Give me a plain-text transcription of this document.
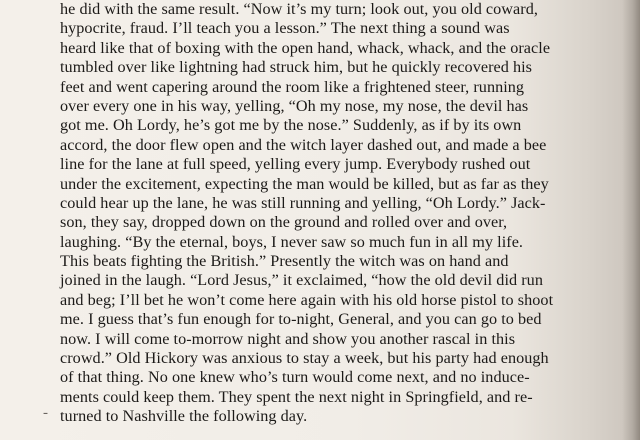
he did with the same result. “Now it’s my turn; look out, you old coward,
hypocrite, fraud. I’ll teach you a lesson.” The next thing a sound was
heard like that of boxing with the open hand, whack, whack, and the oracle
tumbled over like lightning had struck him, but he quickly recovered his
feet and went capering around the room like a frightened steer, running
over every one in his way, yelling, “Oh my nose, my nose, the devil has
got me. Oh Lordy, he’s got me by the nose.” Suddenly, as if by its own
accord, the door flew open and the witch layer dashed out, and made a bee
line for the lane at full speed, yelling every jump. Everybody rushed out
under the excitement, expecting the man would be killed, but as far as they
could hear up the lane, he was still running and yelling, “Oh Lordy.” Jack-
son, they say, dropped down on the ground and rolled over and over,
laughing. “By the eternal, boys, I never saw so much fun in all my life.
This beats fighting the British.” Presently the witch was on hand and
joined in the laugh. “Lord Jesus,” it exclaimed, “how the old devil did run
and beg; I’ll bet he won’t come here again with his old horse pistol to shoot
me. I guess that’s fun enough for to-night, General, and you can go to bed
now. I will come to-morrow night and show you another rascal in this
crowd.” Old Hickory was anxious to stay a week, but his party had enough
of that thing. No one knew who’s turn would come next, and no induce-
ments could keep them. They spent the next night in Springfield, and re-
turned to Nashville the following day.
-
